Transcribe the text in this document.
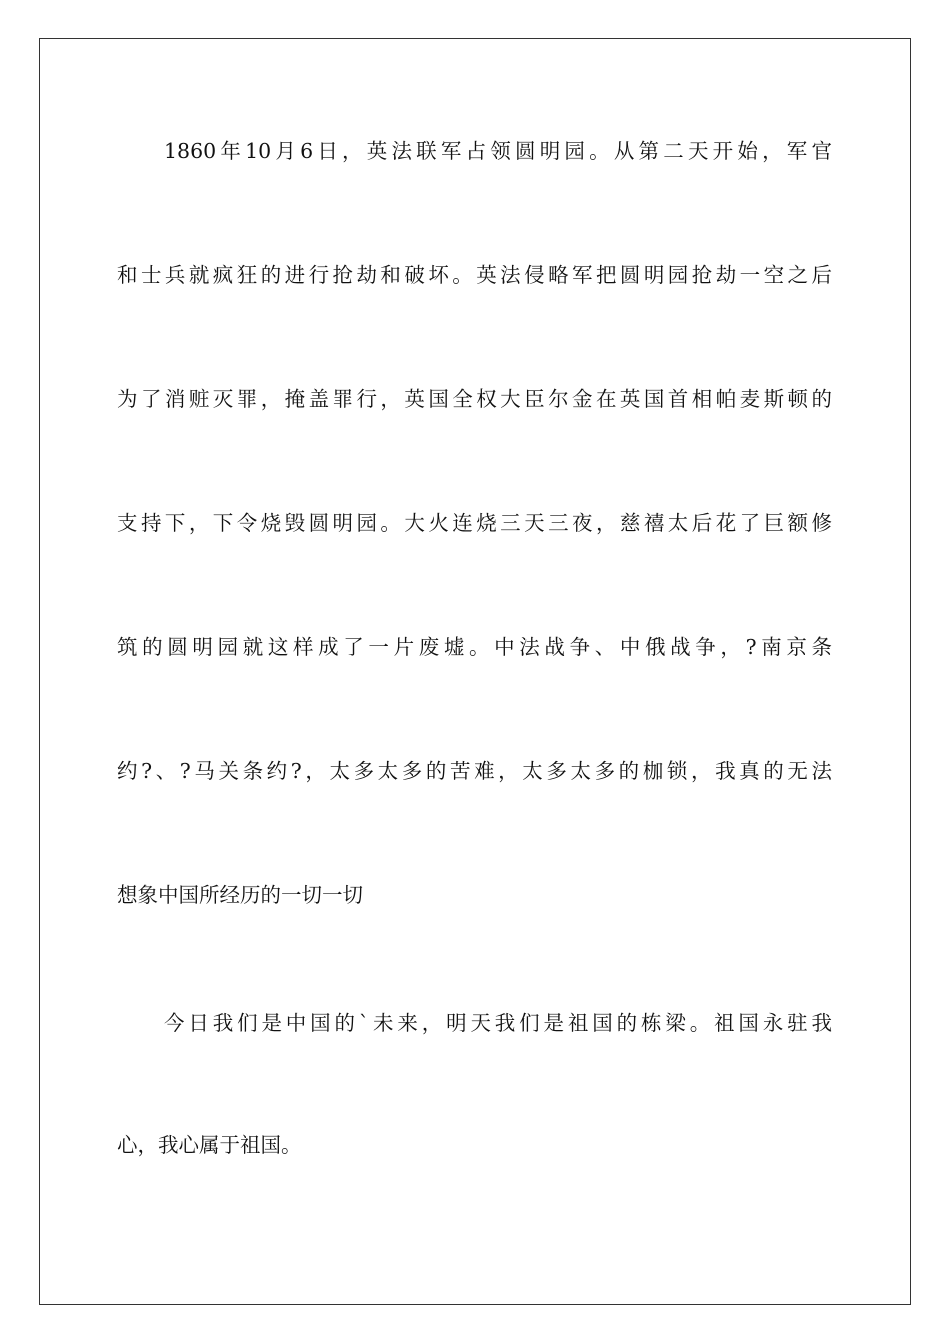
1860年10月6日，英法联军占领圆明园。从第二天开始，军官
和士兵就疯狂的进行抢劫和破坏。英法侵略军把圆明园抢劫一空之后
为了消赃灭罪，掩盖罪行，英国全权大臣尔金在英国首相帕麦斯顿的
支持下，下令烧毁圆明园。大火连烧三天三夜，慈禧太后花了巨额修
筑的圆明园就这样成了一片废墟。中法战争、中俄战争，?南京条
约?、?马关条约?，太多太多的苦难，太多太多的枷锁，我真的无法
想象中国所经历的一切一切
今日我们是中国的`未来，明天我们是祖国的栋梁。祖国永驻我
心，我心属于祖国。
